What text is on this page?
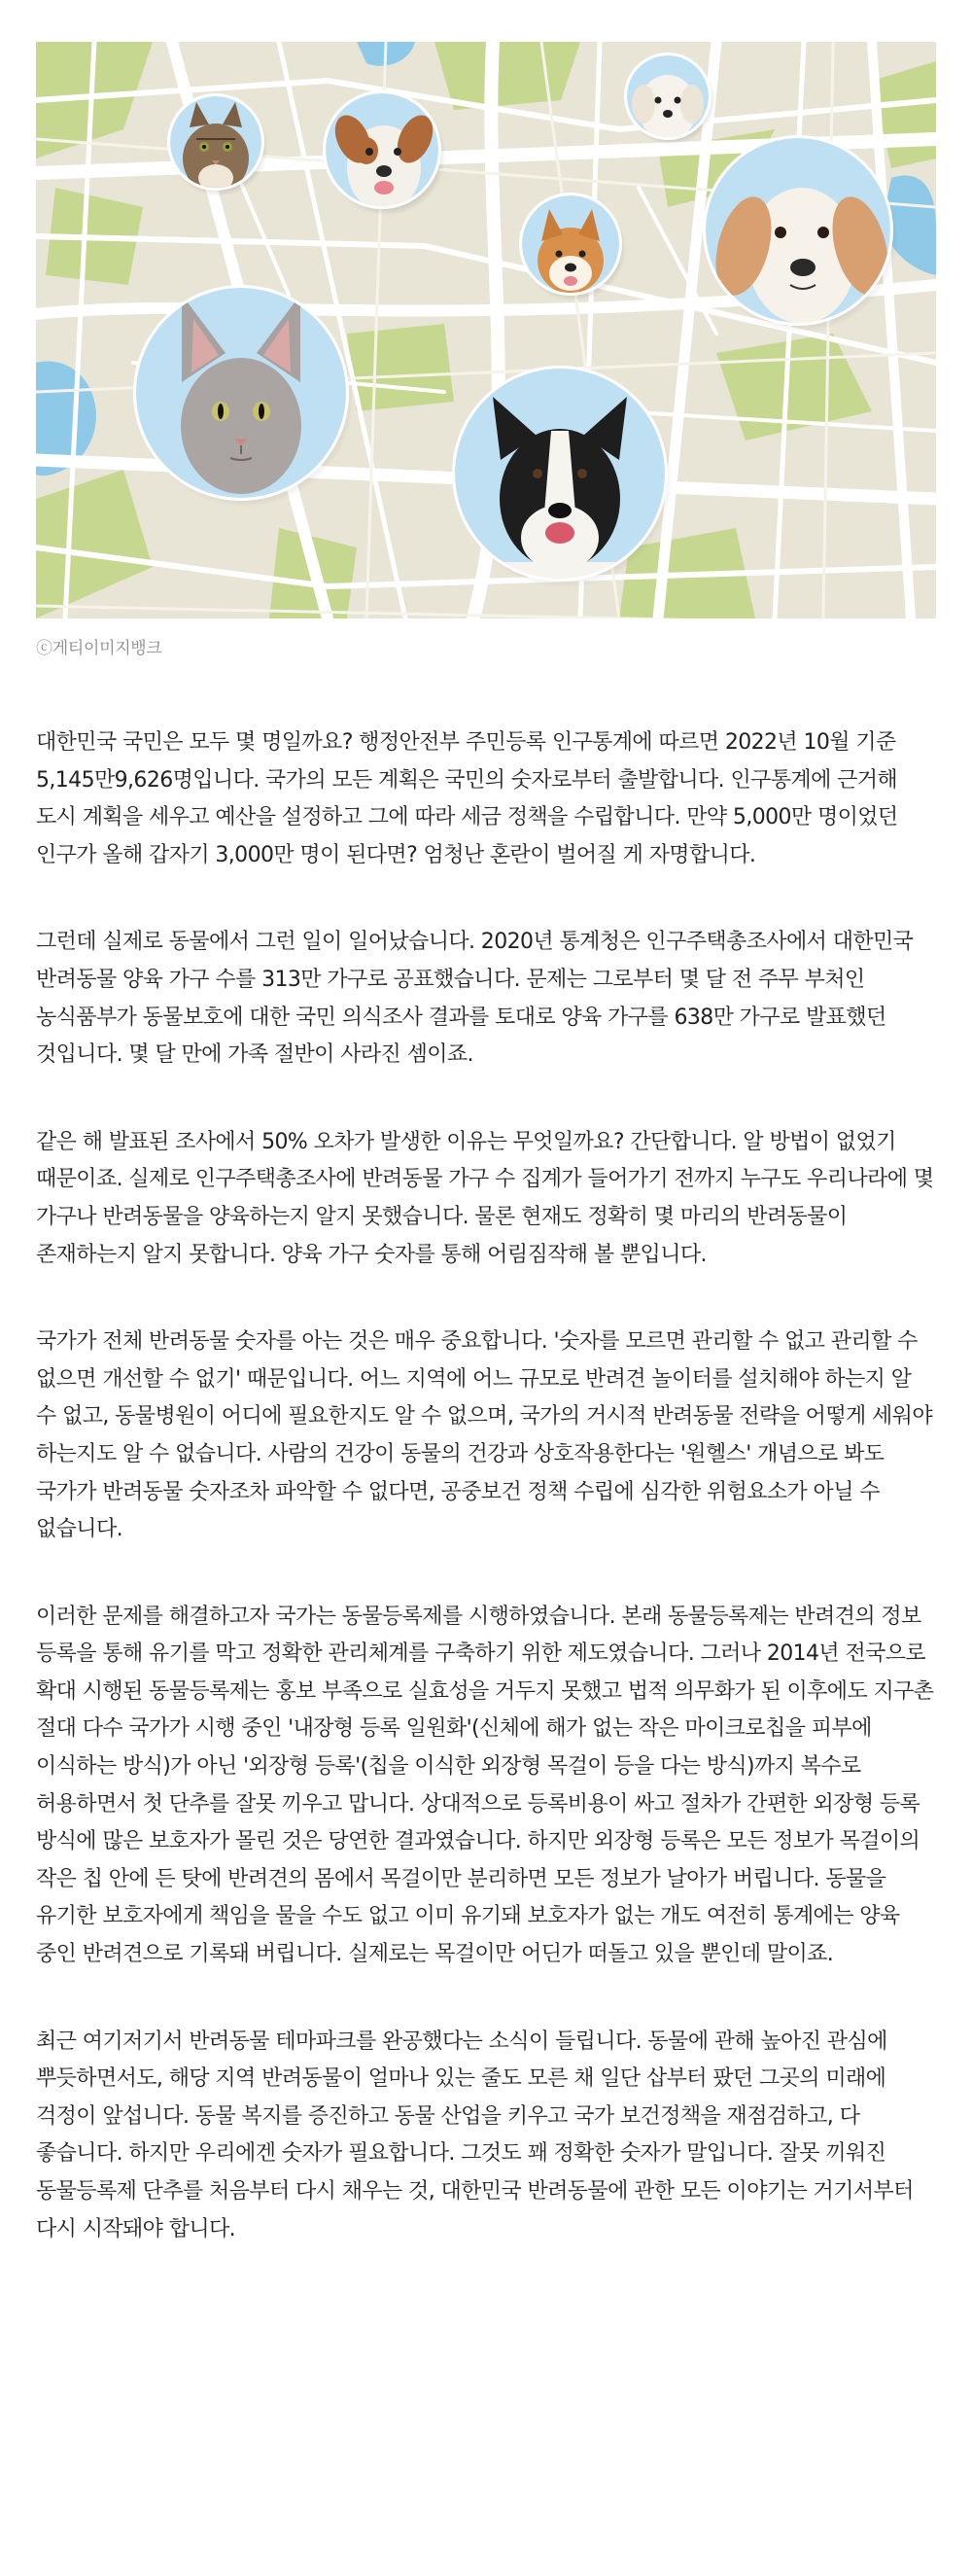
ⓒ게티이미지뱅크

대한민국 국민은 모두 몇 명일까요? 행정안전부 주민등록 인구통계에 따르면 2022년 10월 기준 5,145만9,626명입니다. 국가의 모든 계획은 국민의 숫자로부터 출발합니다. 인구통계에 근거해 도시 계획을 세우고 예산을 설정하고 그에 따라 세금 정책을 수립합니다. 만약 5,000만 명이었던 인구가 올해 갑자기 3,000만 명이 된다면? 엄청난 혼란이 벌어질 게 자명합니다.

그런데 실제로 동물에서 그런 일이 일어났습니다. 2020년 통계청은 인구주택총조사에서 대한민국 반려동물 양육 가구 수를 313만 가구로 공표했습니다. 문제는 그로부터 몇 달 전 주무 부처인 농식품부가 동물보호에 대한 국민 의식조사 결과를 토대로 양육 가구를 638만 가구로 발표했던 것입니다. 몇 달 만에 가족 절반이 사라진 셈이죠.

같은 해 발표된 조사에서 50% 오차가 발생한 이유는 무엇일까요? 간단합니다. 알 방법이 없었기 때문이죠. 실제로 인구주택총조사에 반려동물 가구 수 집계가 들어가기 전까지 누구도 우리나라에 몇 가구나 반려동물을 양육하는지 알지 못했습니다. 물론 현재도 정확히 몇 마리의 반려동물이 존재하는지 알지 못합니다. 양육 가구 숫자를 통해 어림짐작해 볼 뿐입니다.

국가가 전체 반려동물 숫자를 아는 것은 매우 중요합니다. '숫자를 모르면 관리할 수 없고 관리할 수 없으면 개선할 수 없기' 때문입니다. 어느 지역에 어느 규모로 반려견 놀이터를 설치해야 하는지 알 수 없고, 동물병원이 어디에 필요한지도 알 수 없으며, 국가의 거시적 반려동물 전략을 어떻게 세워야 하는지도 알 수 없습니다. 사람의 건강이 동물의 건강과 상호작용한다는 '원헬스' 개념으로 봐도 국가가 반려동물 숫자조차 파악할 수 없다면, 공중보건 정책 수립에 심각한 위험요소가 아닐 수 없습니다.

이러한 문제를 해결하고자 국가는 동물등록제를 시행하였습니다. 본래 동물등록제는 반려견의 정보 등록을 통해 유기를 막고 정확한 관리체계를 구축하기 위한 제도였습니다. 그러나 2014년 전국으로 확대 시행된 동물등록제는 홍보 부족으로 실효성을 거두지 못했고 법적 의무화가 된 이후에도 지구촌 절대 다수 국가가 시행 중인 '내장형 등록 일원화'(신체에 해가 없는 작은 마이크로칩을 피부에 이식하는 방식)가 아닌 '외장형 등록'(칩을 이식한 외장형 목걸이 등을 다는 방식)까지 복수로 허용하면서 첫 단추를 잘못 끼우고 맙니다. 상대적으로 등록비용이 싸고 절차가 간편한 외장형 등록 방식에 많은 보호자가 몰린 것은 당연한 결과였습니다. 하지만 외장형 등록은 모든 정보가 목걸이의 작은 칩 안에 든 탓에 반려견의 몸에서 목걸이만 분리하면 모든 정보가 날아가 버립니다. 동물을 유기한 보호자에게 책임을 물을 수도 없고 이미 유기돼 보호자가 없는 개도 여전히 통계에는 양육 중인 반려견으로 기록돼 버립니다. 실제로는 목걸이만 어딘가 떠돌고 있을 뿐인데 말이죠.

최근 여기저기서 반려동물 테마파크를 완공했다는 소식이 들립니다. 동물에 관해 높아진 관심에 뿌듯하면서도, 해당 지역 반려동물이 얼마나 있는 줄도 모른 채 일단 삽부터 팠던 그곳의 미래에 걱정이 앞섭니다. 동물 복지를 증진하고 동물 산업을 키우고 국가 보건정책을 재점검하고, 다 좋습니다. 하지만 우리에겐 숫자가 필요합니다. 그것도 꽤 정확한 숫자가 말입니다. 잘못 끼워진 동물등록제 단추를 처음부터 다시 채우는 것, 대한민국 반려동물에 관한 모든 이야기는 거기서부터 다시 시작돼야 합니다.
